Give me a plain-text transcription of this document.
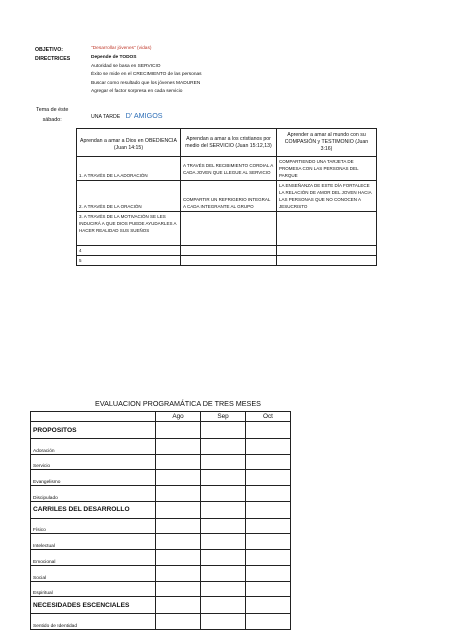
OBJETIVO:	"Desarrollar jóvenes" (vidas)
DIRECTRICES	Depende de TODOS
Autoridad se basa en SERVICIO
Éxito se mide en el CRECIMIENTO de las personas
Buscar como resultado que los jóvenes MADUREN
Agregar el factor sorpresa en cada servicio
Tema de éste
sábado:	UNA TARDE D' AMIGOS
Aprendan a amar a Dios en OBEDIENCIA (Juan 14:15)	Aprendan a amar a los cristianos por medio del SERVICIO (Juan 15:12,13)	Aprender a amar al mundo con su COMPASIÓN y TESTIMONIO (Juan 3:16)
1. A TRAVÉS DE LA ADORACIÓN	A TRAVÉS DEL RECIBIMIENTO CORDIAL A CADA JOVEN QUE LLEGUE AL SERVICIO	COMPARTIENDO UNA TARJETA DE PROMESA CON LAS PERSONAS DEL PARQUE
2. A TRAVÉS DE LA ORACIÓN	COMPARTIR UN REFRIGERIO INTEGRAL A CADA INTEGRANTE AL GRUPO	LA ENSEÑANZA DE ESTE DÍA FORTALECE LA RELACIÓN DE AMOR DEL JOVEN HACIA LAS PERSONAS QUE NO CONOCEN A JESUCRISTO
3. A TRAVÉS DE LA MOTIVACIÓN SE LES INDUCIRÁ A QUE DIOS PUEDE AYUDARLES A HACER REALIDAD SUS SUEÑOS		
4		
5		
EVALUACION PROGRAMÁTICA DE TRES MESES
	Ago	Sep	Oct
PROPOSITOS			
Adoración			
Servicio			
Evangelismo			
Discipulado			
CARRILES DEL DESARROLLO			
Físico			
Intelectual			
Emocional			
Social			
Espiritual			
NECESIDADES ESCENCIALES			
Sentido de Identidad			
